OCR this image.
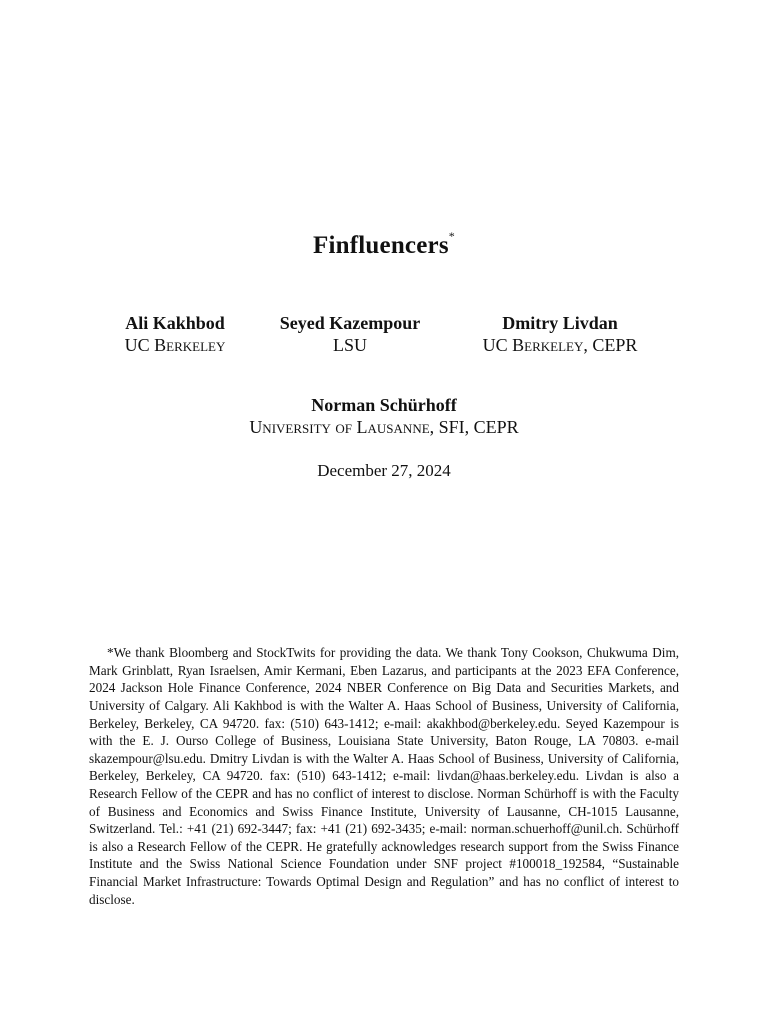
Finfluencers*
Ali Kakhbod
UC Berkeley
Seyed Kazempour
LSU
Dmitry Livdan
UC Berkeley, CEPR
Norman Schürhoff
University of Lausanne, SFI, CEPR
December 27, 2024

*We thank Bloomberg and StockTwits for providing the data. We thank Tony Cookson, Chukwuma Dim, Mark Grinblatt, Ryan Israelsen, Amir Kermani, Eben Lazarus, and participants at the 2023 EFA Conference, 2024 Jackson Hole Finance Conference, 2024 NBER Conference on Big Data and Securities Markets, and University of Calgary. Ali Kakhbod is with the Walter A. Haas School of Business, University of California, Berkeley, Berkeley, CA 94720. fax: (510) 643-1412; e-mail: akakhbod@berkeley.edu. Seyed Kazempour is with the E. J. Ourso College of Business, Louisiana State University, Baton Rouge, LA 70803. e-mail skazempour@lsu.edu. Dmitry Livdan is with the Walter A. Haas School of Business, University of California, Berkeley, Berkeley, CA 94720. fax: (510) 643-1412; e-mail: livdan@haas.berkeley.edu. Livdan is also a Research Fellow of the CEPR and has no conflict of interest to disclose. Norman Schürhoff is with the Faculty of Business and Economics and Swiss Finance Institute, University of Lausanne, CH-1015 Lausanne, Switzerland. Tel.: +41 (21) 692-3447; fax: +41 (21) 692-3435; e-mail: norman.schuerhoff@unil.ch. Schürhoff is also a Research Fellow of the CEPR. He gratefully acknowledges research support from the Swiss Finance Institute and the Swiss National Science Foundation under SNF project #100018_192584, “Sustainable Financial Market Infrastructure: Towards Optimal Design and Regulation” and has no conflict of interest to disclose.
